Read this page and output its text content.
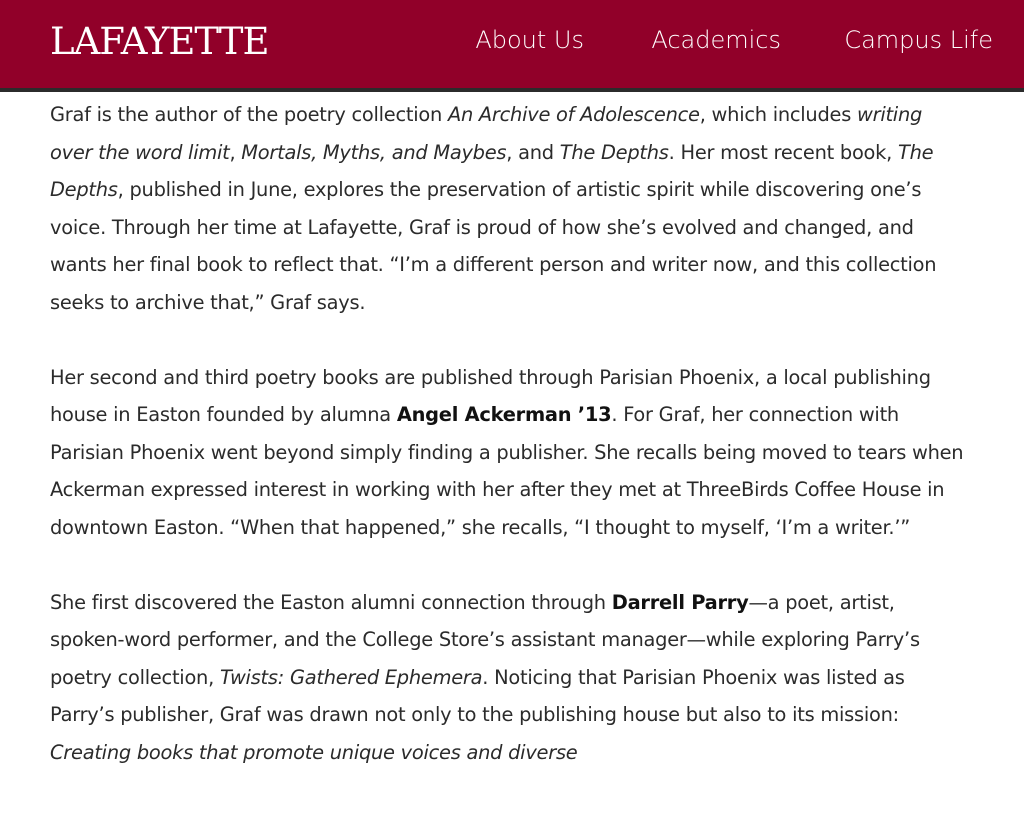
LAFAYETTE	About Us	Academics	Campus Life

Graf is the author of the poetry collection An Archive of Adolescence, which includes writing over the word limit, Mortals, Myths, and Maybes, and The Depths. Her most recent book, The Depths, published in June, explores the preservation of artistic spirit while discovering one’s voice. Through her time at Lafayette, Graf is proud of how she’s evolved and changed, and wants her final book to reflect that. “I’m a different person and writer now, and this collection seeks to archive that,” Graf says.

Her second and third poetry books are published through Parisian Phoenix, a local publishing house in Easton founded by alumna Angel Ackerman ’13. For Graf, her connection with Parisian Phoenix went beyond simply finding a publisher. She recalls being moved to tears when Ackerman expressed interest in working with her after they met at ThreeBirds Coffee House in downtown Easton. “When that happened,” she recalls, “I thought to myself, ‘I’m a writer.’”

She first discovered the Easton alumni connection through Darrell Parry—a poet, artist, spoken-word performer, and the College Store’s assistant manager—while exploring Parry’s poetry collection, Twists: Gathered Ephemera. Noticing that Parisian Phoenix was listed as Parry’s publisher, Graf was drawn not only to the publishing house but also to its mission: Creating books that promote unique voices and diverse
